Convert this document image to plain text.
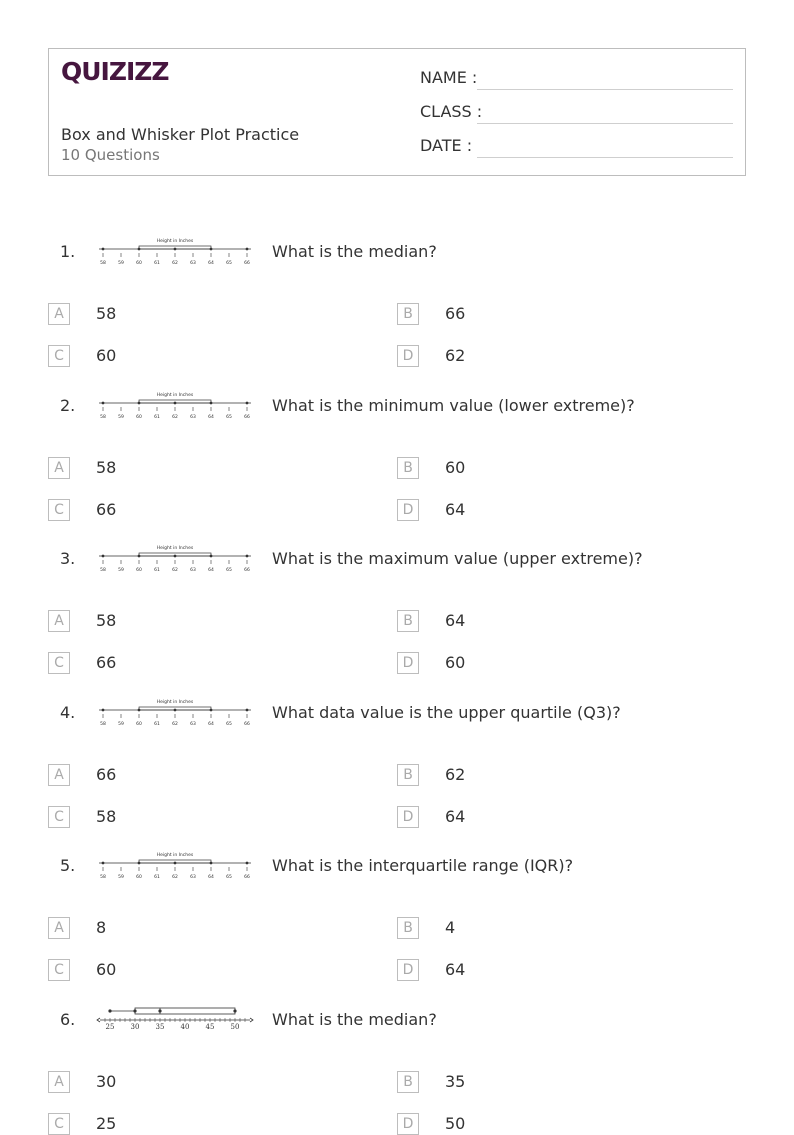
QUIZIZZ
Box and Whisker Plot Practice
10 Questions
NAME :
CLASS :
DATE :
1.
Height in Inches
58	59	60	61	62	63	64	65	66
What is the median?
A	58	B	66
C	60	D	62
2.
Height in Inches
58	59	60	61	62	63	64	65	66
What is the minimum value (lower extreme)?
A	58	B	60
C	66	D	64
3.
Height in Inches
58	59	60	61	62	63	64	65	66
What is the maximum value (upper extreme)?
A	58	B	64
C	66	D	60
4.
Height in Inches
58	59	60	61	62	63	64	65	66
What data value is the upper quartile (Q3)?
A	66	B	62
C	58	D	64
5.
Height in Inches
58	59	60	61	62	63	64	65	66
What is the interquartile range (IQR)?
A	8	B	4
C	60	D	64
6.	25 30 35 40 45 50 What is the median?
A	30	B	35
C	25	D	50
